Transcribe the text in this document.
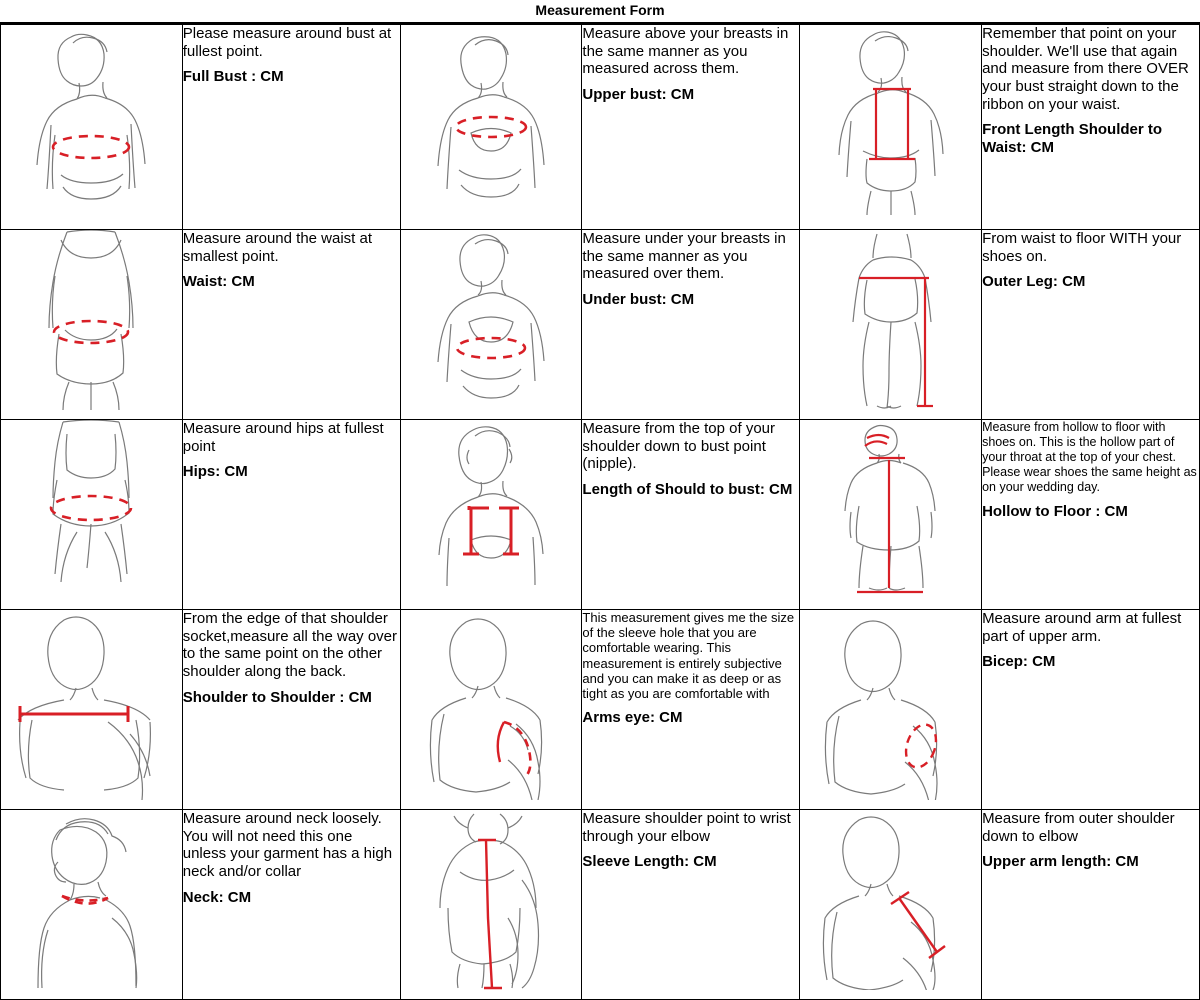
Measurement Form

Please measure around bust at fullest point.
Full Bust : CM		Measure above your breasts in the same manner as you measured across them.
Upper bust: CM		Remember that point on your shoulder. We'll use that again and measure from there OVER your bust straight down to the ribbon on your waist.
Front Length Shoulder to Waist: CM

Measure around the waist at smallest point.
Waist: CM		Measure under your breasts in the same manner as you measured over them.
Under bust: CM		From waist to floor WITH your shoes on.
Outer Leg: CM

Measure around hips at fullest point
Hips: CM		Measure from the top of your shoulder down to bust point (nipple).
Length of Should to bust: CM		Measure from hollow to floor with shoes on. This is the hollow part of your throat at the top of your chest. Please wear shoes the same height as on your wedding day.
Hollow to Floor : CM

From the edge of that shoulder socket,measure all the way over to the same point on the other shoulder along the back.
Shoulder to Shoulder : CM		This measurement gives me the size of the sleeve hole that you are comfortable wearing. This measurement is entirely subjective and you can make it as deep or as tight as you are comfortable with
Arms eye: CM		Measure around arm at fullest part of upper arm.
Bicep: CM

Measure around neck loosely. You will not need this one unless your garment has a high neck and/or collar
Neck: CM		Measure shoulder point to wrist through your elbow
Sleeve Length: CM		Measure from outer shoulder down to elbow
Upper arm length: CM
